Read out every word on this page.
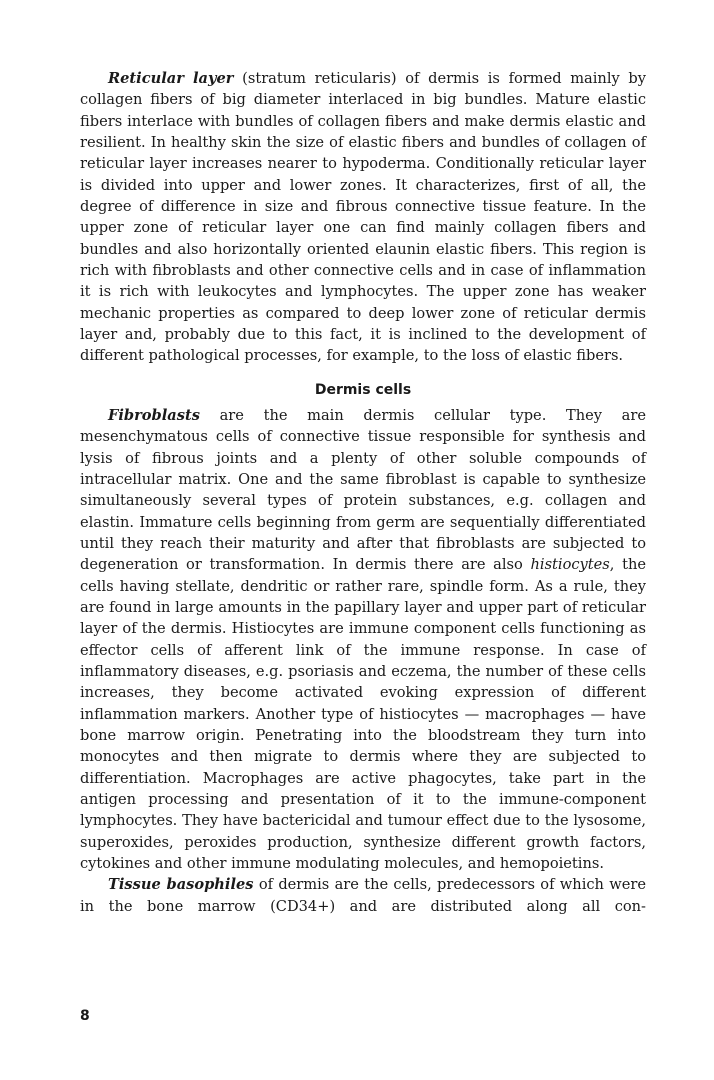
Reticular layer (stratum reticularis) of dermis is formed mainly by collagen fibers of big diameter interlaced in big bundles. Mature elastic fibers interlace with bundles of collagen fibers and make dermis elastic and resilient. In healthy skin the size of elastic fibers and bundles of collagen of reticular layer increases nearer to hypoderma. Conditionally reticular layer is divided into upper and lower zones. It characterizes, first of all, the degree of difference in size and fibrous connective tissue feature. In the upper zone of reticular layer one can find mainly collagen fibers and bundles and also horizontally oriented elaunin elastic fibers. This region is rich with fibroblasts and other connective cells and in case of inflammation it is rich with leukocytes and lymphocytes. The upper zone has weaker mechanic properties as compared to deep lower zone of reticular dermis layer and, probably due to this fact, it is inclined to the development of different pathological processes, for example, to the loss of elastic fibers.

Dermis cells

Fibroblasts are the main dermis cellular type. They are mesenchymatous cells of connective tissue responsible for synthesis and lysis of fibrous joints and a plenty of other soluble compounds of intracellular matrix. One and the same fibroblast is capable to synthesize simultaneously several types of protein substances, e.g. collagen and elastin. Immature cells beginning from germ are sequentially differentiated until they reach their maturity and after that fibroblasts are subjected to degeneration or transformation. In dermis there are also histiocytes, the cells having stellate, dendritic or rather rare, spindle form. As a rule, they are found in large amounts in the papillary layer and upper part of reticular layer of the dermis. Histiocytes are immune component cells functioning as effector cells of afferent link of the immune response. In case of inflammatory diseases, e.g. psoriasis and eczema, the number of these cells increases, they become activated evoking expression of different inflammation markers. Another type of histiocytes — macrophages — have bone marrow origin. Penetrating into the bloodstream they turn into monocytes and then migrate to dermis where they are subjected to differentiation. Macrophages are active phagocytes, take part in the antigen processing and presentation of it to the immune-component lymphocytes. They have bactericidal and tumour effect due to the lysosome, superoxides, peroxides production, synthesize different growth factors, cytokines and other immune modulating molecules, and hemopoietins.

Tissue basophiles of dermis are the cells, predecessors of which were in the bone marrow (CD34+) and are distributed along all con-

8
